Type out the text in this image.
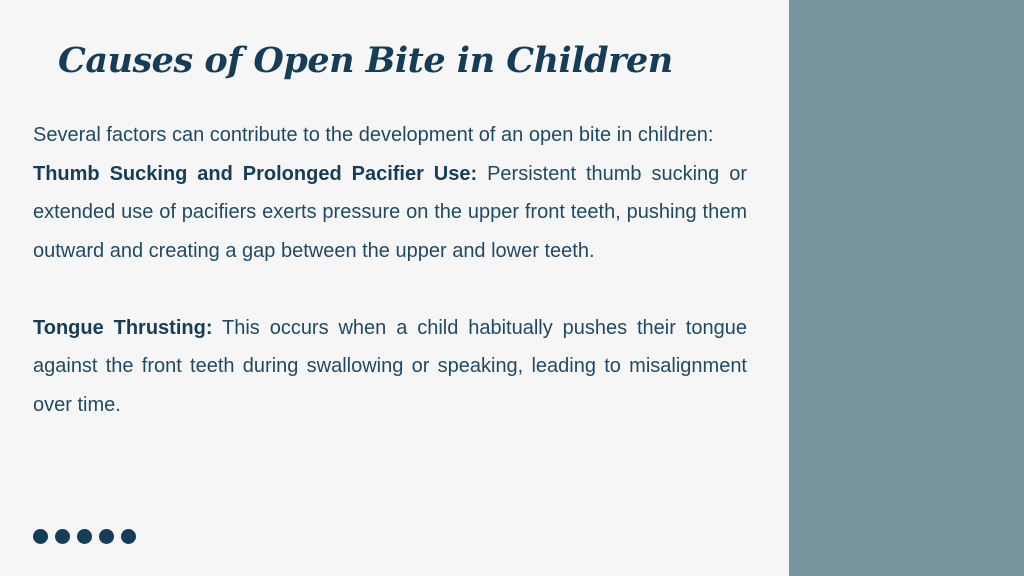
Causes of Open Bite in Children

Several factors can contribute to the development of an open bite in children:

Thumb Sucking and Prolonged Pacifier Use: Persistent thumb sucking or extended use of pacifiers exerts pressure on the upper front teeth, pushing them outward and creating a gap between the upper and lower teeth.

Tongue Thrusting: This occurs when a child habitually pushes their tongue against the front teeth during swallowing or speaking, leading to misalignment over time.
